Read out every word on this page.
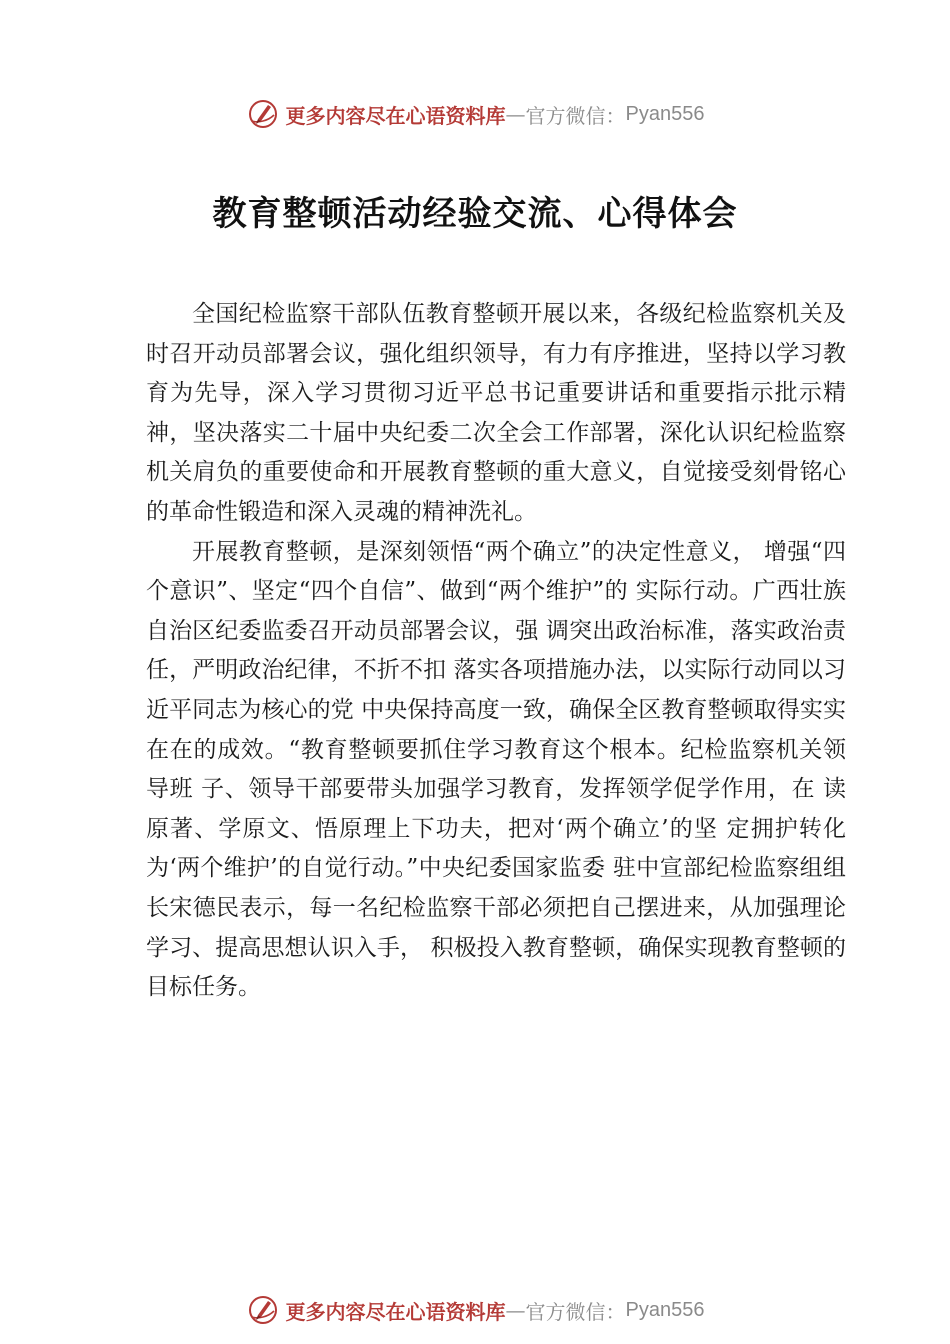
更多内容尽在心语资料库 — 官方微信： Pyan556
教育整顿活动经验交流、心得体会

全国纪检监察干部队伍教育整顿开展以来，各级纪检监察机关及时召开动员部署会议，强化组织领导，有力有序推进，坚持以学习教育为先导，深入学习贯彻习近平总书记重要讲话和重要指示批示精神，坚决落实二十届中央纪委二次全会工作部署，深化认识纪检监察机关肩负的重要使命和开展教育整顿的重大意义，自觉接受刻骨铭心的革命性锻造和深入灵魂的精神洗礼。

开展教育整顿，是深刻领悟“两个确立”的决定性意义， 增强“四个意识”、坚定“四个自信”、做到“两个维护”的 实际行动。广西壮族自治区纪委监委召开动员部署会议，强 调突出政治标准，落实政治责任，严明政治纪律，不折不扣 落实各项措施办法，以实际行动同以习近平同志为核心的党 中央保持高度一致，确保全区教育整顿取得实实在在的成效。“教育整顿要抓住学习教育这个根本。纪检监察机关领导班 子、领导干部要带头加强学习教育，发挥领学促学作用，在 读原著、学原文、悟原理上下功夫，把对‘两个确立’的坚 定拥护转化为‘两个维护’的自觉行动。”中央纪委国家监委 驻中宣部纪检监察组组长宋德民表示，每一名纪检监察干部必须把自己摆进来，从加强理论学习、提高思想认识入手， 积极投入教育整顿，确保实现教育整顿的目标任务。

更多内容尽在心语资料库 — 官方微信： Pyan556
